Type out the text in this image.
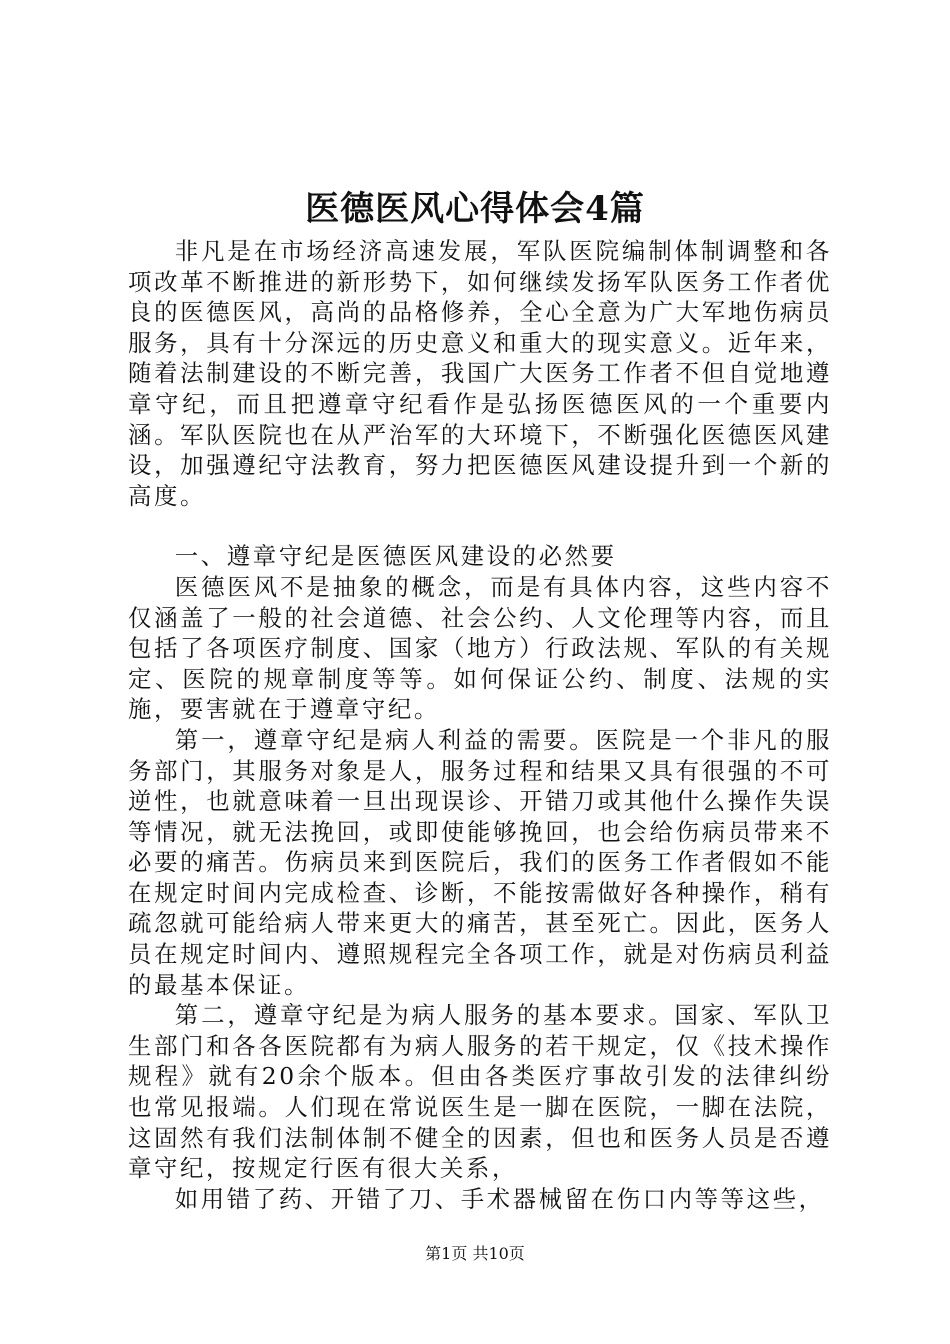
医德医风心得体会4篇

非凡是在市场经济高速发展，军队医院编制体制调整和各项改革不断推进的新形势下，如何继续发扬军队医务工作者优良的医德医风，高尚的品格修养，全心全意为广大军地伤病员服务，具有十分深远的历史意义和重大的现实意义。近年来，随着法制建设的不断完善，我国广大医务工作者不但自觉地遵章守纪，而且把遵章守纪看作是弘扬医德医风的一个重要内涵。军队医院也在从严治军的大环境下，不断强化医德医风建设，加强遵纪守法教育，努力把医德医风建设提升到一个新的高度。

一、遵章守纪是医德医风建设的必然要

医德医风不是抽象的概念，而是有具体内容，这些内容不仅涵盖了一般的社会道德、社会公约、人文伦理等内容，而且包括了各项医疗制度、国家（地方）行政法规、军队的有关规定、医院的规章制度等等。如何保证公约、制度、法规的实施，要害就在于遵章守纪。

第一，遵章守纪是病人利益的需要。医院是一个非凡的服务部门，其服务对象是人，服务过程和结果又具有很强的不可逆性，也就意味着一旦出现误诊、开错刀或其他什么操作失误等情况，就无法挽回，或即使能够挽回，也会给伤病员带来不必要的痛苦。伤病员来到医院后，我们的医务工作者假如不能在规定时间内完成检查、诊断，不能按需做好各种操作，稍有疏忽就可能给病人带来更大的痛苦，甚至死亡。因此，医务人员在规定时间内、遵照规程完全各项工作，就是对伤病员利益的最基本保证。

第二，遵章守纪是为病人服务的基本要求。国家、军队卫生部门和各各医院都有为病人服务的若干规定，仅《技术操作规程》就有20余个版本。但由各类医疗事故引发的法律纠纷也常见报端。人们现在常说医生是一脚在医院，一脚在法院，这固然有我们法制体制不健全的因素，但也和医务人员是否遵章守纪，按规定行医有很大关系，

如用错了药、开错了刀、手术器械留在伤口内等等这些，

第1页 共10页
